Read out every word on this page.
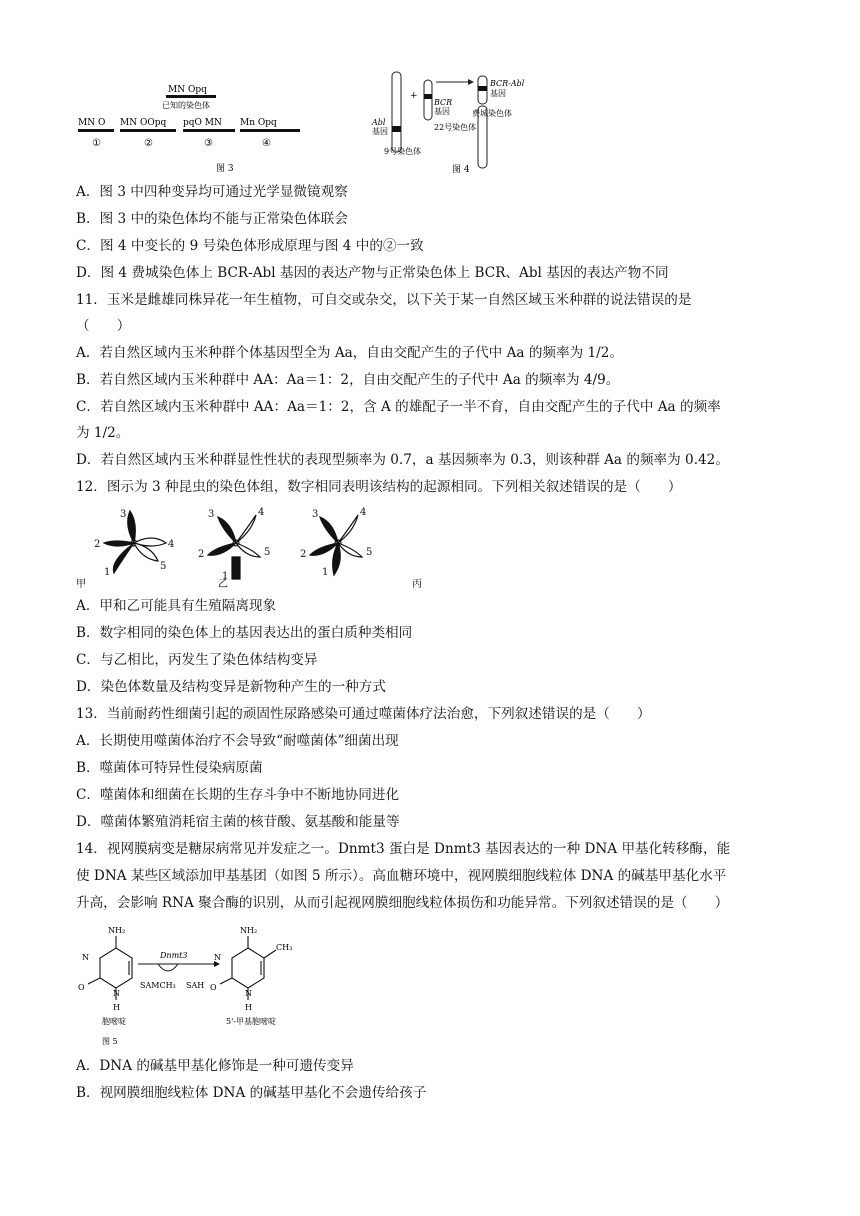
MN Opq
已知的染色体
MN O MN OOpq pqO MN Mn Opq
①	②	③	④
图 3
Abl
基因
9号染色体
+
BCR
基因
22号染色体
BCR-Abl
基因
费城染色体
图 4
A．图 3 中四种变异均可通过光学显微镜观察
B．图 3 中的染色体均不能与正常染色体联会
C．图 4 中变长的 9 号染色体形成原理与图 4 中的②一致
D．图 4 费城染色体上 BCR-Abl 基因的表达产物与正常染色体上 BCR、Abl 基因的表达产物不同
11．玉米是雌雄同株异花一年生植物，可自交或杂交，以下关于某一自然区域玉米种群的说法错误的是
（　　）
A．若自然区域内玉米种群个体基因型全为 Aa，自由交配产生的子代中 Aa 的频率为 1/2。
B．若自然区域内玉米种群中 AA：Aa＝1：2，自由交配产生的子代中 Aa 的频率为 4/9。
C．若自然区域内玉米种群中 AA：Aa＝1：2，含 A 的雄配子一半不育，自由交配产生的子代中 Aa 的频率
为 1/2。
D．若自然区域内玉米种群显性性状的表现型频率为 0.7，a 基因频率为 0.3，则该种群 Aa 的频率为 0.42。
12．图示为 3 种昆虫的染色体组，数字相同表明该结构的起源相同。下列相关叙述错误的是（　　）
3
2	4
1
5
3	4
2	5
1
3	4
2	5
1
甲	乙	丙
A．甲和乙可能具有生殖隔离现象
B．数字相同的染色体上的基因表达出的蛋白质种类相同
C．与乙相比，丙发生了染色体结构变异
D．染色体数量及结构变异是新物种产生的一种方式
13．当前耐药性细菌引起的顽固性尿路感染可通过噬菌体疗法治愈，下列叙述错误的是（　　）
A．长期使用噬菌体治疗不会导致“耐噬菌体”细菌出现
B．噬菌体可特异性侵染病原菌
C．噬菌体和细菌在长期的生存斗争中不断地协同进化
D．噬菌体繁殖消耗宿主菌的核苷酸、氨基酸和能量等
14．视网膜病变是糖尿病常见并发症之一。Dnmt3 蛋白是 Dnmt3 基因表达的一种 DNA 甲基化转移酶，能
使 DNA 某些区域添加甲基基团（如图 5 所示）。高血糖环境中，视网膜细胞线粒体 DNA 的碱基甲基化水平
升高，会影响 RNA 聚合酶的识别，从而引起视网膜细胞线粒体损伤和功能异常。下列叙述错误的是（　　）
NH₂
N
O
N
H
Dnmt3
SAMCH₃ SAH
NH₂
CH₃
N
O
N
H
胞嘧啶	5'-甲基胞嘧啶
图 5
A．DNA 的碱基甲基化修饰是一种可遗传变异
B．视网膜细胞线粒体 DNA 的碱基甲基化不会遗传给孩子
